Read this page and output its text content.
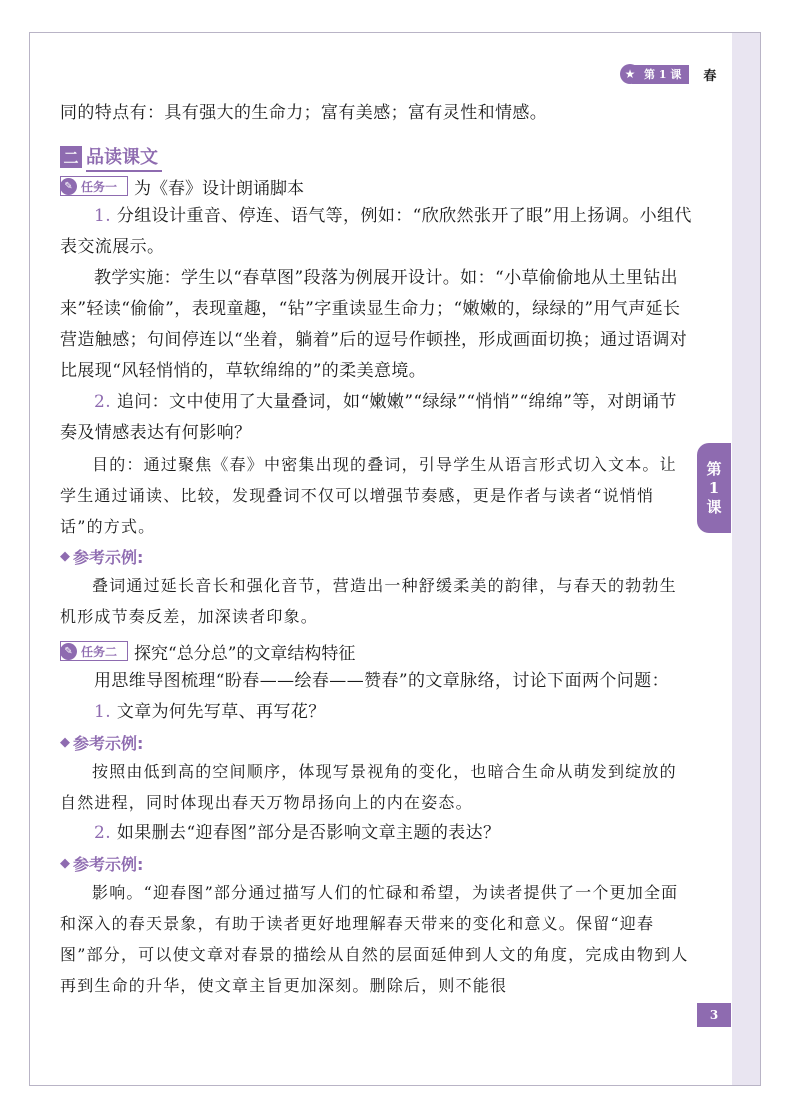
第
1
课
3
★ 第 1 课	春

同的特点有：具有强大的生命力；富有美感；富有灵性和情感。

二 品读课文
✎ 任务一	为《春》设计朗诵脚本

1. 分组设计重音、停连、语气等，例如：“欣欣然张开了眼”用上扬调。小组代表交流展示。

教学实施：学生以“春草图”段落为例展开设计。如：“小草偷偷地从土里钻出来”轻读“偷偷”，表现童趣，“钻”字重读显生命力；“嫩嫩的，绿绿的”用气声延长营造触感；句间停连以“坐着，躺着”后的逗号作顿挫，形成画面切换；通过语调对比展现“风轻悄悄的，草软绵绵的”的柔美意境。

2. 追问：文中使用了大量叠词，如“嫩嫩”“绿绿”“悄悄”“绵绵”等，对朗诵节奏及情感表达有何影响？

目的：通过聚焦《春》中密集出现的叠词，引导学生从语言形式切入文本。让学生通过诵读、比较，发现叠词不仅可以增强节奏感，更是作者与读者“说悄悄话”的方式。

◆ 参考示例:

叠词通过延长音长和强化音节，营造出一种舒缓柔美的韵律，与春天的勃勃生机形成节奏反差，加深读者印象。

✎ 任务二	探究“总分总”的文章结构特征

用思维导图梳理“盼春——绘春——赞春”的文章脉络，讨论下面两个问题：

1. 文章为何先写草、再写花？

◆ 参考示例:

按照由低到高的空间顺序，体现写景视角的变化，也暗合生命从萌发到绽放的自然进程，同时体现出春天万物昂扬向上的内在姿态。

2. 如果删去“迎春图”部分是否影响文章主题的表达？

◆ 参考示例:

影响。“迎春图”部分通过描写人们的忙碌和希望，为读者提供了一个更加全面和深入的春天景象，有助于读者更好地理解春天带来的变化和意义。保留“迎春图”部分，可以使文章对春景的描绘从自然的层面延伸到人文的角度，完成由物到人再到生命的升华，使文章主旨更加深刻。删除后，则不能很
